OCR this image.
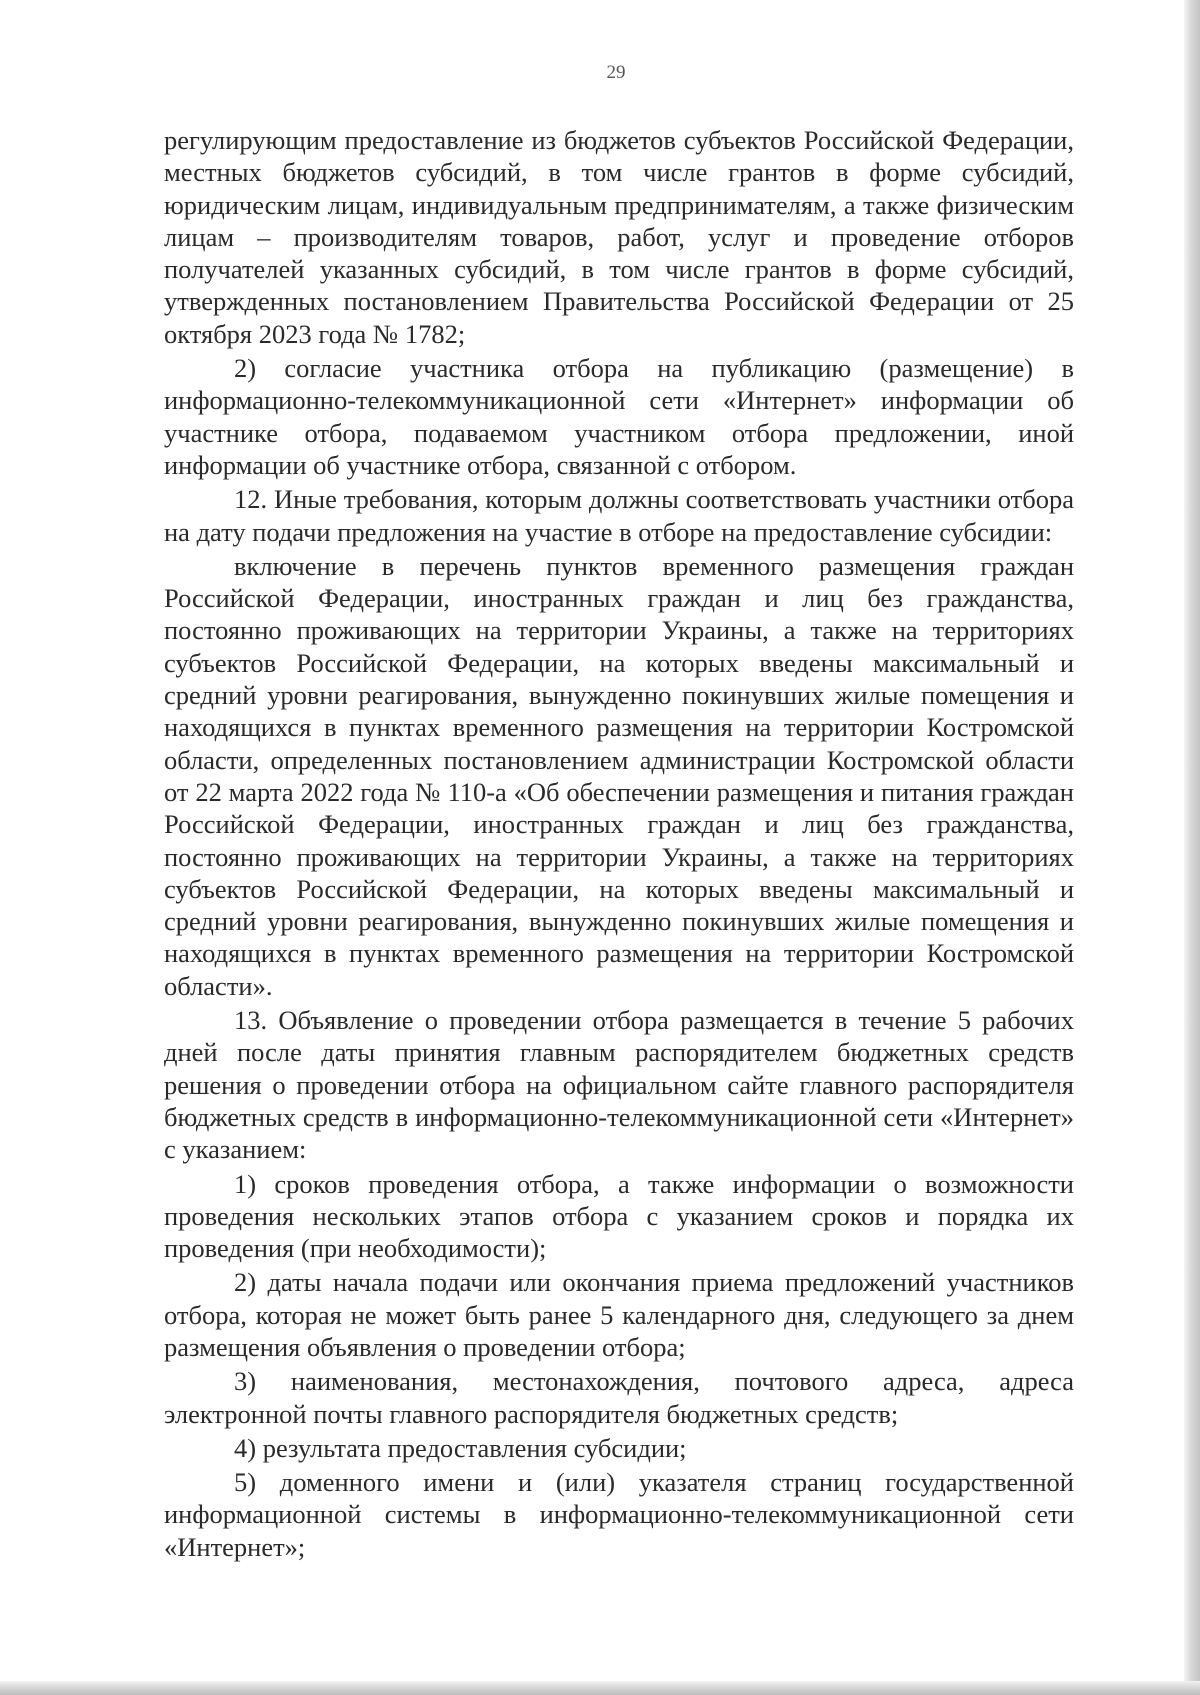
29

регулирующим предоставление из бюджетов субъектов Российской Федерации, местных бюджетов субсидий, в том числе грантов в форме субсидий, юридическим лицам, индивидуальным предпринимателям, а также физическим лицам – производителям товаров, работ, услуг и проведение отборов получателей указанных субсидий, в том числе грантов в форме субсидий, утвержденных постановлением Правительства Российской Федерации от 25 октября 2023 года № 1782;

2) согласие участника отбора на публикацию (размещение) в информационно-телекоммуникационной сети «Интернет» информации об участнике отбора, подаваемом участником отбора предложении, иной информации об участнике отбора, связанной с отбором.

12. Иные требования, которым должны соответствовать участники отбора на дату подачи предложения на участие в отборе на предоставление субсидии:

включение в перечень пунктов временного размещения граждан Российской Федерации, иностранных граждан и лиц без гражданства, постоянно проживающих на территории Украины, а также на территориях субъектов Российской Федерации, на которых введены максимальный и средний уровни реагирования, вынужденно покинувших жилые помещения и находящихся в пунктах временного размещения на территории Костромской области, определенных постановлением администрации Костромской области от 22 марта 2022 года № 110-а «Об обеспечении размещения и питания граждан Российской Федерации, иностранных граждан и лиц без гражданства, постоянно проживающих на территории Украины, а также на территориях субъектов Российской Федерации, на которых введены максимальный и средний уровни реагирования, вынужденно покинувших жилые помещения и находящихся в пунктах временного размещения на территории Костромской области».

13. Объявление о проведении отбора размещается в течение 5 рабочих дней после даты принятия главным распорядителем бюджетных средств решения о проведении отбора на официальном сайте главного распорядителя бюджетных средств в информационно-телекоммуникационной сети «Интернет» с указанием:

1) сроков проведения отбора, а также информации о возможности проведения нескольких этапов отбора с указанием сроков и порядка их проведения (при необходимости);

2) даты начала подачи или окончания приема предложений участников отбора, которая не может быть ранее 5 календарного дня, следующего за днем размещения объявления о проведении отбора;

3) наименования, местонахождения, почтового адреса, адреса электронной почты главного распорядителя бюджетных средств;

4) результата предоставления субсидии;

5) доменного имени и (или) указателя страниц государственной информационной системы в информационно-телекоммуникационной сети «Интернет»;
